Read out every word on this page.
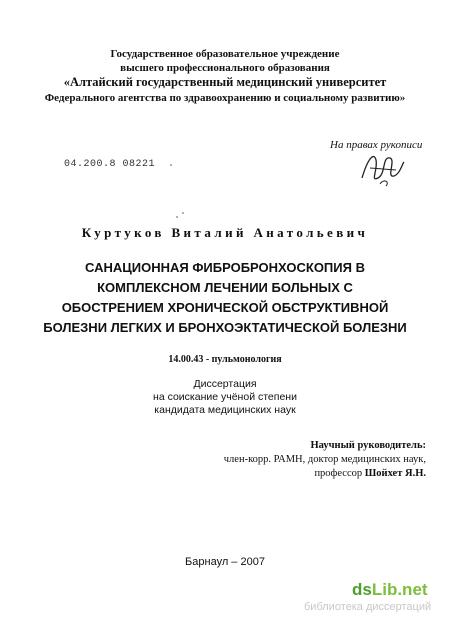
Государственное образовательное учреждение
высшего профессионального образования
«Алтайский государственный медицинский университет
Федерального агентства по здравоохранению и социальному развитию»
На правах рукописи
04.200.8 08221
Куртуков Виталий Анатольевич
САНАЦИОННАЯ ФИБРОБРОНХОСКОПИЯ В
КОМПЛЕКСНОМ ЛЕЧЕНИИ БОЛЬНЫХ С
ОБОСТРЕНИЕМ ХРОНИЧЕСКОЙ ОБСТРУКТИВНОЙ
БОЛЕЗНИ ЛЕГКИХ И БРОНХОЭКТАТИЧЕСКОЙ БОЛЕЗНИ
14.00.43 - пульмонология
Диссертация
на соискание учёной степени
кандидата медицинских наук
Научный руководитель:
член-корр. РАМН, доктор медицинских наук,
профессор Шойхет Я.Н.
Барнаул – 2007
dsLib.net
библиотека диссертаций
